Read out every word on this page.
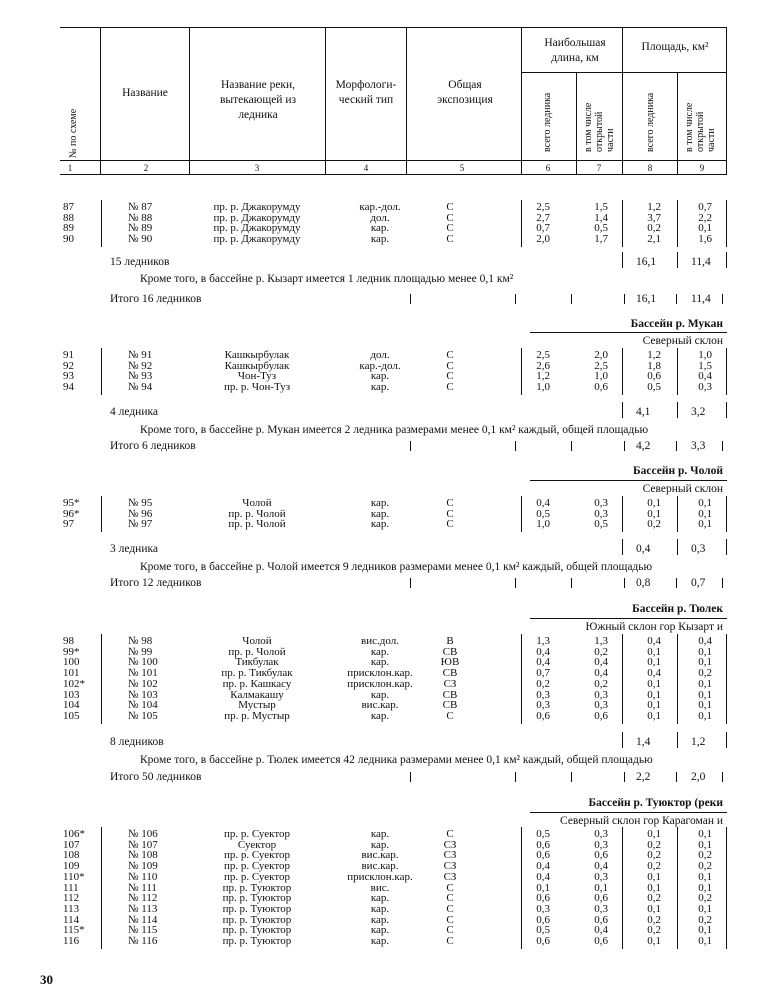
№ по схеме
Название
Название реки, вытекающей из ледника
Морфологи- ческий тип
Общая экспозиция
Наибольшая длина, км
Площадь, км²
всего ледника	в том числе открытой части	всего ледника	в том числе открытой части
1	2	3	4	5	6	7	8	9
87	№ 87	пр. р. Джакорумду	кар.-дол.	С	2,5	1,5	1,2	0,7
88	№ 88	пр. р. Джакорумду	дол.	С	2,7	1,4	3,7	2,2
89	№ 89	пр. р. Джакорумду	кар.	С	0,7	0,5	0,2	0,1
90	№ 90	пр. р. Джакорумду	кар.	С	2,0	1,7	2,1	1,6
15 ледников	16,1	11,4
Кроме того, в бассейне р. Кызарт имеется 1 ледник площадью менее 0,1 км²
Итого 16 ледников	16,1	11,4
Бассейн р. Мукан
Северный склон
91	№ 91	Кашкырбулак	дол.	С	2,5	2,0	1,2	1,0
92	№ 92	Кашкырбулак	кар.-дол.	С	2,6	2,5	1,8	1,5
93	№ 93	Чон-Туз	кар.	С	1,2	1,0	0,6	0,4
94	№ 94	пр. р. Чон-Туз	кар.	С	1,0	0,6	0,5	0,3
4 ледника	4,1	3,2
Кроме того, в бассейне р. Мукан имеется 2 ледника размерами менее 0,1 км² каждый, общей площадью
Итого 6 ледников	4,2	3,3
Бассейн р. Чолой
Северный склон
95*	№ 95	Чолой	кар.	С	0,4	0,3	0,1	0,1
96*	№ 96	пр. р. Чолой	кар.	С	0,5	0,3	0,1	0,1
97	№ 97	пр. р. Чолой	кар.	С	1,0	0,5	0,2	0,1
3 ледника	0,4	0,3
Кроме того, в бассейне р. Чолой имеется 9 ледников размерами менее 0,1 км² каждый, общей площадью
Итого 12 ледников	0,8	0,7
Бассейн р. Тюлек
Южный склон гор Кызарт и
98	№ 98	Чолой	вис.дол.	В	1,3	1,3	0,4	0,4
99*	№ 99	пр. р. Чолой	кар.	СВ	0,4	0,2	0,1	0,1
100	№ 100	Тикбулак	кар.	ЮВ	0,4	0,4	0,1	0,1
101	№ 101	пр. р. Тикбулак	присклон.кар.	СВ	0,7	0,4	0,4	0,2
102*	№ 102	пр. р. Кашкасу	присклон.кар.	СЗ	0,2	0,2	0,1	0,1
103	№ 103	Калмакашу	кар.	СВ	0,3	0,3	0,1	0,1
104	№ 104	Мустыр	вис.кар.	СВ	0,3	0,3	0,1	0,1
105	№ 105	пр. р. Мустыр	кар.	С	0,6	0,6	0,1	0,1
8 ледников	1,4	1,2
Кроме того, в бассейне р. Тюлек имеется 42 ледника размерами менее 0,1 км² каждый, общей площадью
Итого 50 ледников	2,2	2,0
Бассейн р. Туюктор (реки
Северный склон гор Карагоман и
106*	№ 106	пр. р. Суектор	кар.	С	0,5	0,3	0,1	0,1
107	№ 107	Суектор	кар.	СЗ	0,6	0,3	0,2	0,1
108	№ 108	пр. р. Суектор	вис.кар.	СЗ	0,6	0,6	0,2	0,2
109	№ 109	пр. р. Суектор	вис.кар.	СЗ	0,4	0,4	0,2	0,2
110*	№ 110	пр. р. Суектор	присклон.кар.	СЗ	0,4	0,3	0,1	0,1
111	№ 111	пр. р. Туюктор	вис.	С	0,1	0,1	0,1	0,1
112	№ 112	пр. р. Туюктор	кар.	С	0,6	0,6	0,2	0,2
113	№ 113	пр. р. Туюктор	кар.	С	0,3	0,3	0,1	0,1
114	№ 114	пр. р. Туюктор	кар.	С	0,6	0,6	0,2	0,2
115*	№ 115	пр. р. Туюктор	кар.	С	0,5	0,4	0,2	0,1
116	№ 116	пр. р. Туюктор	кар.	С	0,6	0,6	0,1	0,1
30
